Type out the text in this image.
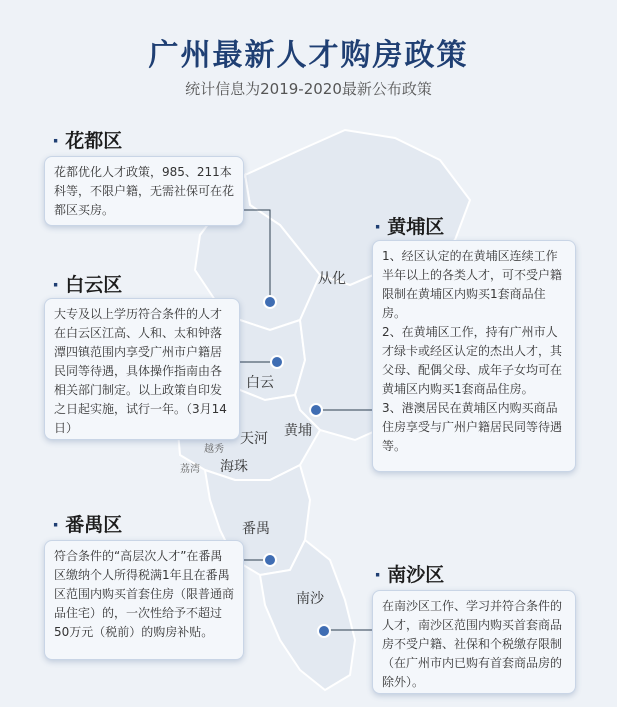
广州最新人才购房政策
统计信息为2019-2020最新公布政策
从化
白云
黄埔
天河
越秀
海珠
荔湾
番禺
南沙
· 花都区

花都优化人才政策，985、211本科等，不限户籍，无需社保可在花都区买房。

· 白云区

大专及以上学历符合条件的人才在白云区江高、人和、太和钟落潭四镇范围内享受广州市户籍居民同等待遇，具体操作指南由各相关部门制定。以上政策自印发之日起实施，试行一年。（3月14日）

· 黄埔区

1、经区认定的在黄埔区连续工作半年以上的各类人才，可不受户籍限制在黄埔区内购买1套商品住房。

2、在黄埔区工作，持有广州市人才绿卡或经区认定的杰出人才，其父母、配偶父母、成年子女均可在黄埔区内购买1套商品住房。

3、港澳居民在黄埔区内购买商品住房享受与广州户籍居民同等待遇等。

· 番禺区

符合条件的“高层次人才”在番禺区缴纳个人所得税满1年且在番禺区范围内购买首套住房（限普通商品住宅）的，一次性给予不超过50万元（税前）的购房补贴。

· 南沙区

在南沙区工作、学习并符合条件的人才，南沙区范围内购买首套商品房不受户籍、社保和个税缴存限制（在广州市内已购有首套商品房的除外）。
